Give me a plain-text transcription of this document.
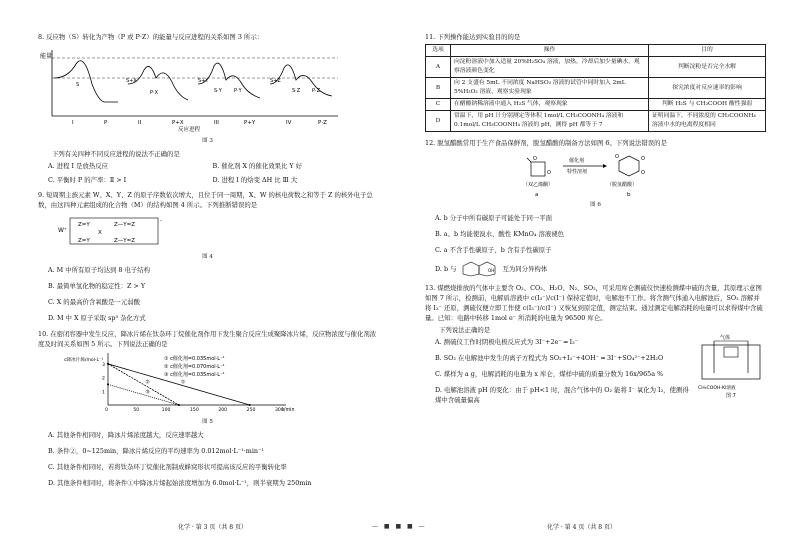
8. 反应物（S）转化为产物（P 或 P·Z）的能量与反应进程的关系如图 3 所示：
能量
S
S+X
P·X
S+Y
S·Y P·Y
S+Z
S·Z P·Z
I	P	II	P+X	III	P+Y	IV	P·Z
反应进程
图 3
下列有关四种不同反应进程的说法不正确的是
A. 进程 I 是放热反应	B. 催化剂 X 的催化效果比 Y 好
C. 平衡时 P 的产率：Ⅱ > Ⅰ	D. 进程 Ⅰ 的焓变 ΔH 比 Ⅲ 大
9. 短周期主族元素 W、X、Y、Z 的原子序数依次增大，且位于同一周期，X、W 的核电荷数之和等于 Z 的核外电子总数，由这四种元素组成的化合物（M）的结构如图 4 所示。下列推断错误的是
W⁺
Z=Y
X
Z—Y=Z
Z=Y	Z—Y=Z
-
图 4
A. M 中所有原子均达到 8 电子结构
B. 最简单氢化物的稳定性：Z > Y
C. X 的最高价含氧酸是一元弱酸
D. M 中 X 原子采取 sp³ 杂化方式
10. 在密闭容器中发生反应，降冰片烯在钛杂环丁烷催化剂作用下发生聚合反应生成聚降冰片烯，反应物浓度与催化剂浓度及时间关系如图 5 所示。下列说法正确的是
0	50	100	150	200	250	300
3
2
1
t/min
c降冰片烯/mol·L⁻¹
①
②
③
① c催化剂=0.035mol·L⁻¹
② c催化剂=0.070mol·L⁻¹
③ c催化剂=0.035mol·L⁻¹
图 5
A. 其他条件相同时，降冰片烯浓度越大，反应速率越大
B. 条件②，0~125min，降冰片烯反应的平均速率为 0.012mol·L⁻¹·min⁻¹
C. 其他条件相同时，若将钛杂环丁烷催化剂制成蜂窝形状可提高该反应的平衡转化率
D. 其他条件相同时，将条件①中降冰片烯起始浓度增加为 6.0mol·L⁻¹，则半衰期为 250min
化学 · 第 3 页（共 8 页）	— ■ ■ ■ —
11. 下列操作能达到实验目的的是
选项	操作	目的
A	向淀粉溶液中加入适量 20%H₂SO₄ 溶液，加热，冷却后加少量碘水，观察溶液颜色变化	判断淀粉是否完全水解
B	向 2 支盛有 5mL 不同浓度 NaHSO₃ 溶液的试管中同时加入 2mL 5%H₂O₂ 溶液，观察实验现象	探究浓度对反应速率的影响
C	在醋酸钠稀溶液中通入 H₂S 气体，观察现象	判断 H₂S 与 CH₃COOH 酸性强弱
D	常温下，用 pH 计分别测定等体积 1mol/L CH₃COONH₄ 溶液和 0.1mol/L CH₃COONH₄ 溶液的 pH，测得 pH 都等于 7	证明同温下，不同浓度的 CH₃COONH₄ 溶液中水的电离程度相同
12. 脱氢醋酸常用于生产食品保鲜剂，脱氢醋酸的制备方法如图 6。下列说法错误的是
O
O
（双乙烯酮）
a
催化剂
特性溶剂
O	O
O
（脱氢醋酸）
b
图 6
A. b 分子中所有碳原子可能处于同一平面
B. a、b 均能使溴水、酸性 KMnO₄ 溶液褪色
C. a 不含手性碳原子，b 含有手性碳原子
D. b 与	OH 互为同分异构体
13. 煤燃烧排放的气体中主要含 O₂、CO₂、H₂O、N₂、SO₂，可采用库仑测硫仪快速检测煤中硫的含量，其原理示意图如图 7 所示，检测前，电解质溶液中 c(I₃⁻)/c(I⁻) 保持定值时，电解池不工作。将含测气体通入电解池后，SO₂ 溶解并将 I₃⁻ 还原，测硫仪便立即工作使 c(I₃⁻)/c(I⁻) 又恢复到原定值，测定结束。通过测定电解消耗的电量可以求得煤中含硫量。已知：电路中转移 1mol e⁻ 所消耗的电量为 96500 库仑。
下列说法正确的是
A. 测硫仪工作时阴极电极反应式为 3I⁻+2e⁻ ═ I₃⁻
B. SO₂ 在电解池中发生的离子方程式为 SO₂+I₃⁻+4OH⁻ ═ 3I⁻+SO₄²⁻+2H₂O
C. 煤样为 a g，电解消耗的电量为 x 库仑，煤样中硫的质量分数为 16x/965a %
D. 电解池溶液 pH 的变化：由于 pH<1 时，混合气体中的 O₂ 能将 I⁻ 氧化为 I₂，使测得煤中含硫量偏高
气体
CH₃COOH-KI溶液
图 7
化学 · 第 4 页（共 8 页）
